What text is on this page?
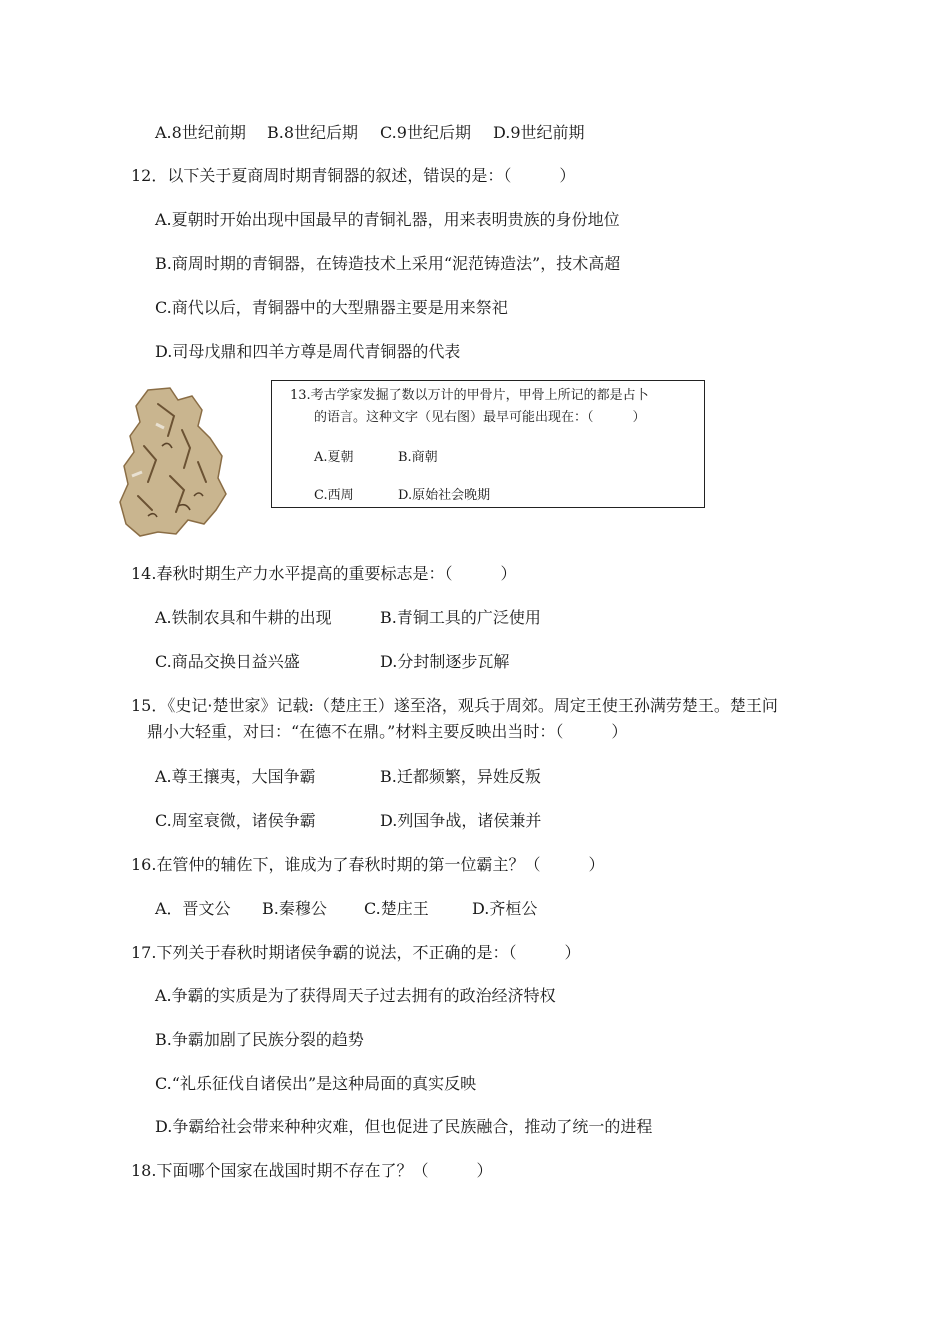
A.8世纪前期 B.8世纪后期 C.9世纪后期 D.9世纪前期
12．以下关于夏商周时期青铜器的叙述，错误的是：（　　　）
A.夏朝时开始出现中国最早的青铜礼器，用来表明贵族的身份地位
B.商周时期的青铜器，在铸造技术上采用“泥范铸造法”，技术高超
C.商代以后，青铜器中的大型鼎器主要是用来祭祀
D.司母戊鼎和四羊方尊是周代青铜器的代表
13.考古学家发掘了数以万计的甲骨片，甲骨上所记的都是占卜
的语言。这种文字（见右图）最早可能出现在：（　　　）
A.夏朝	B.商朝
C.西周	D.原始社会晚期
14.春秋时期生产力水平提高的重要标志是：（　　　）
A.铁制农具和牛耕的出现	B.青铜工具的广泛使用
C.商品交换日益兴盛	D.分封制逐步瓦解
15．《史记·楚世家》记载:（楚庄王）遂至洛，观兵于周郊。周定王使王孙满劳楚王。楚王问
鼎小大轻重，对曰：“在德不在鼎。”材料主要反映出当时：（　　　）
A.尊王攘夷，大国争霸	B.迁都频繁，异姓反叛
C.周室衰微，诸侯争霸	D.列国争战，诸侯兼并
16.在管仲的辅佐下，谁成为了春秋时期的第一位霸主？（　　　）
A．晋文公 B.秦穆公 C.楚庄王	D.齐桓公
17.下列关于春秋时期诸侯争霸的说法，不正确的是：（　　　）
A.争霸的实质是为了获得周天子过去拥有的政治经济特权
B.争霸加剧了民族分裂的趋势
C.“礼乐征伐自诸侯出”是这种局面的真实反映
D.争霸给社会带来种种灾难，但也促进了民族融合，推动了统一的进程
18.下面哪个国家在战国时期不存在了？（　　　）
